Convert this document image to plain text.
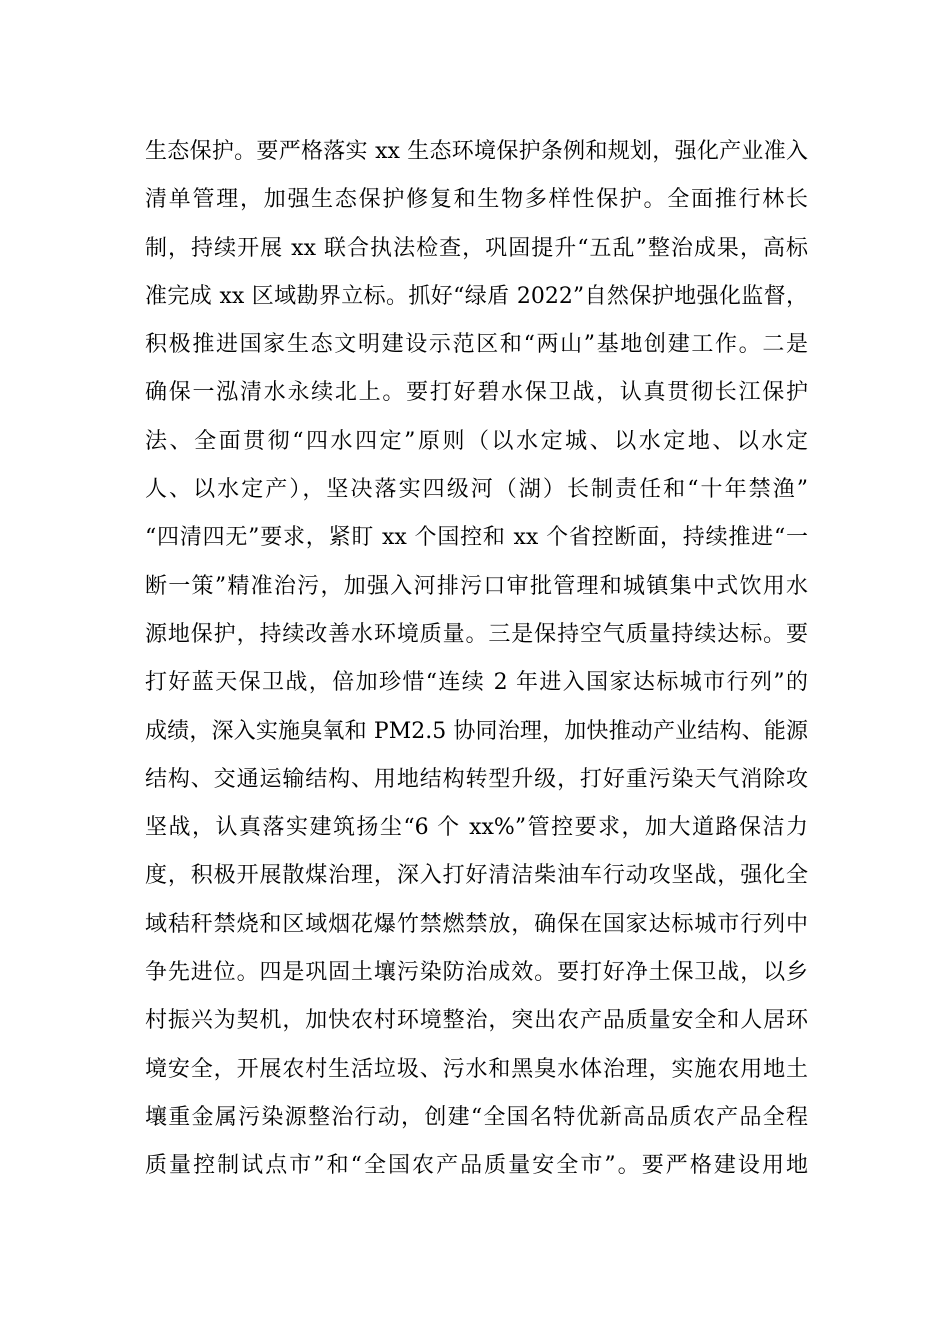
生态保护。要严格落实 xx 生态环境保护条例和规划，强化产业准入
清单管理，加强生态保护修复和生物多样性保护。全面推行林长
制，持续开展 xx 联合执法检查，巩固提升“五乱”整治成果，高标
准完成 xx 区域勘界立标。抓好“绿盾 2022”自然保护地强化监督，
积极推进国家生态文明建设示范区和“两山”基地创建工作。二是
确保一泓清水永续北上。要打好碧水保卫战，认真贯彻长江保护
法、全面贯彻“四水四定”原则（以水定城、以水定地、以水定
人、以水定产），坚决落实四级河（湖）长制责任和“十年禁渔”
“四清四无”要求，紧盯 xx 个国控和 xx 个省控断面，持续推进“一
断一策”精准治污，加强入河排污口审批管理和城镇集中式饮用水
源地保护，持续改善水环境质量。三是保持空气质量持续达标。要
打好蓝天保卫战，倍加珍惜“连续 2 年进入国家达标城市行列”的
成绩，深入实施臭氧和 PM2.5 协同治理，加快推动产业结构、能源
结构、交通运输结构、用地结构转型升级，打好重污染天气消除攻
坚战，认真落实建筑扬尘“6 个 xx%”管控要求，加大道路保洁力
度，积极开展散煤治理，深入打好清洁柴油车行动攻坚战，强化全
域秸秆禁烧和区域烟花爆竹禁燃禁放，确保在国家达标城市行列中
争先进位。四是巩固土壤污染防治成效。要打好净土保卫战，以乡
村振兴为契机，加快农村环境整治，突出农产品质量安全和人居环
境安全，开展农村生活垃圾、污水和黑臭水体治理，实施农用地土
壤重金属污染源整治行动，创建“全国名特优新高品质农产品全程
质量控制试点市”和“全国农产品质量安全市”。要严格建设用地
